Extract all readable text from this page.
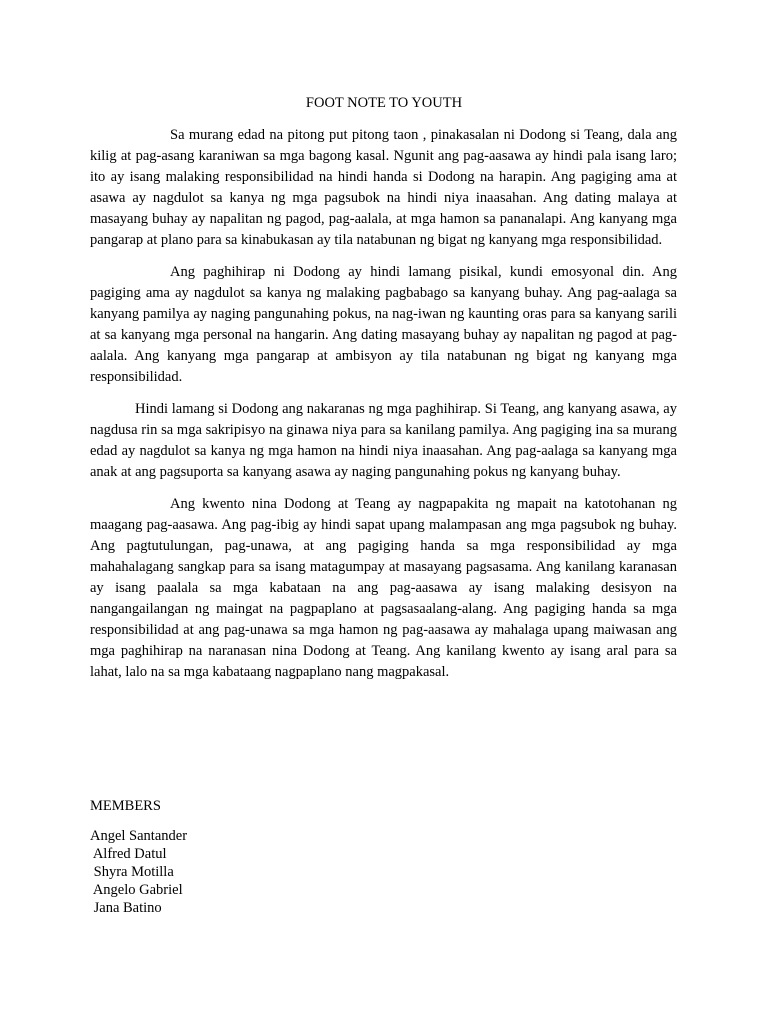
FOOT NOTE TO YOUTH

Sa murang edad na pitong put pitong taon , pinakasalan ni Dodong si Teang, dala ang kilig at pag-asang karaniwan sa mga bagong kasal. Ngunit ang pag-aasawa ay hindi pala isang laro; ito ay isang malaking responsibilidad na hindi handa si Dodong na harapin. Ang pagiging ama at asawa ay nagdulot sa kanya ng mga pagsubok na hindi niya inaasahan. Ang dating malaya at masayang buhay ay napalitan ng pagod, pag-aalala, at mga hamon sa pananalapi. Ang kanyang mga pangarap at plano para sa kinabukasan ay tila natabunan ng bigat ng kanyang mga responsibilidad.

Ang paghihirap ni Dodong ay hindi lamang pisikal, kundi emosyonal din. Ang pagiging ama ay nagdulot sa kanya ng malaking pagbabago sa kanyang buhay. Ang pag-aalaga sa kanyang pamilya ay naging pangunahing pokus, na nag-iwan ng kaunting oras para sa kanyang sarili at sa kanyang mga personal na hangarin. Ang dating masayang buhay ay napalitan ng pagod at pag-aalala. Ang kanyang mga pangarap at ambisyon ay tila natabunan ng bigat ng kanyang mga responsibilidad.

Hindi lamang si Dodong ang nakaranas ng mga paghihirap. Si Teang, ang kanyang asawa, ay nagdusa rin sa mga sakripisyo na ginawa niya para sa kanilang pamilya. Ang pagiging ina sa murang edad ay nagdulot sa kanya ng mga hamon na hindi niya inaasahan. Ang pag-aalaga sa kanyang mga anak at ang pagsuporta sa kanyang asawa ay naging pangunahing pokus ng kanyang buhay.

Ang kwento nina Dodong at Teang ay nagpapakita ng mapait na katotohanan ng maagang pag-aasawa. Ang pag-ibig ay hindi sapat upang malampasan ang mga pagsubok ng buhay. Ang pagtutulungan, pag-unawa, at ang pagiging handa sa mga responsibilidad ay mga mahahalagang sangkap para sa isang matagumpay at masayang pagsasama. Ang kanilang karanasan ay isang paalala sa mga kabataan na ang pag-aasawa ay isang malaking desisyon na nangangailangan ng maingat na pagpaplano at pagsasaalang-alang. Ang pagiging handa sa mga responsibilidad at ang pag-unawa sa mga hamon ng pag-aasawa ay mahalaga upang maiwasan ang mga paghihirap na naranasan nina Dodong at Teang. Ang kanilang kwento ay isang aral para sa lahat, lalo na sa mga kabataang nagpaplano nang magpakasal.

MEMBERS

Angel Santander
Alfred Datul
Shyra Motilla
Angelo Gabriel
Jana Batino
